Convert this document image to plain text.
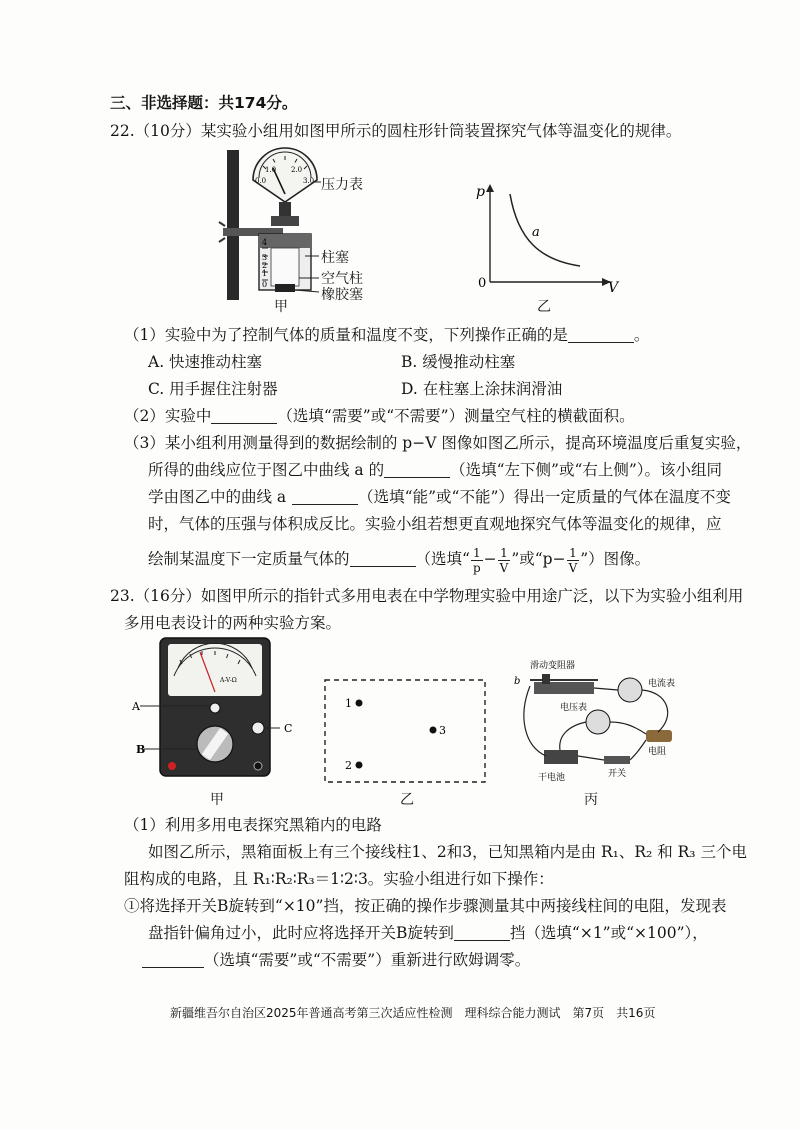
三、非选择题：共174分。
22.（10分）某实验小组用如图甲所示的圆柱形针筒装置探究气体等温变化的规律。
0.0
1.0 2.0
3.0
4
3
2
1
0
压力表
柱塞
空气柱
橡胶塞
甲
p
V
0
a
乙
（1）实验中为了控制气体的质量和温度不变，下列操作正确的是	。
A. 快速推动柱塞	B. 缓慢推动柱塞
C. 用手握住注射器	D. 在柱塞上涂抹润滑油
（2）实验中	（选填“需要”或“不需要”）测量空气柱的横截面积。
（3）某小组利用测量得到的数据绘制的 p−V 图像如图乙所示，提高环境温度后重复实验，
所得的曲线应位于图乙中曲线 a 的	（选填“左下侧”或“右上侧”）。该小组同
学由图乙中的曲线 a	（选填“能”或“不能”）得出一定质量的气体在温度不变
时，气体的压强与体积成反比。实验小组若想更直观地探究气体等温变化的规律，应
绘制某温度下一定质量气体的	（选填“ $\frac{1}{p} - \frac{1}{V}$ ”或“$p- \frac{1}{V}$ ”）图像。
23.（16分）如图甲所示的指针式多用电表在中学物理实验中用途广泛，以下为实验小组利用
多用电表设计的两种实验方案。
A-V-Ω
A
B
C
甲
1
2
3
乙
滑动变阻器
电流表
电压表
电阻
干电池	开关
b
丙
（1）利用多用电表探究黑箱内的电路
如图乙所示，黑箱面板上有三个接线柱1、2和3，已知黑箱内是由 R₁、R₂ 和 R₃ 三个电
阻构成的电路，且 R₁∶R₂∶R₃＝1∶2∶3。实验小组进行如下操作：
①将选择开关B旋转到“×10”挡，按正确的操作步骤测量其中两接线柱间的电阻，发现表
盘指针偏角过小，此时应将选择开关B旋转到	挡（选填“×1”或“×100”），
（选填“需要”或“不需要”）重新进行欧姆调零。
新疆维吾尔自治区2025年普通高考第三次适应性检测　理科综合能力测试　第7页　共16页
